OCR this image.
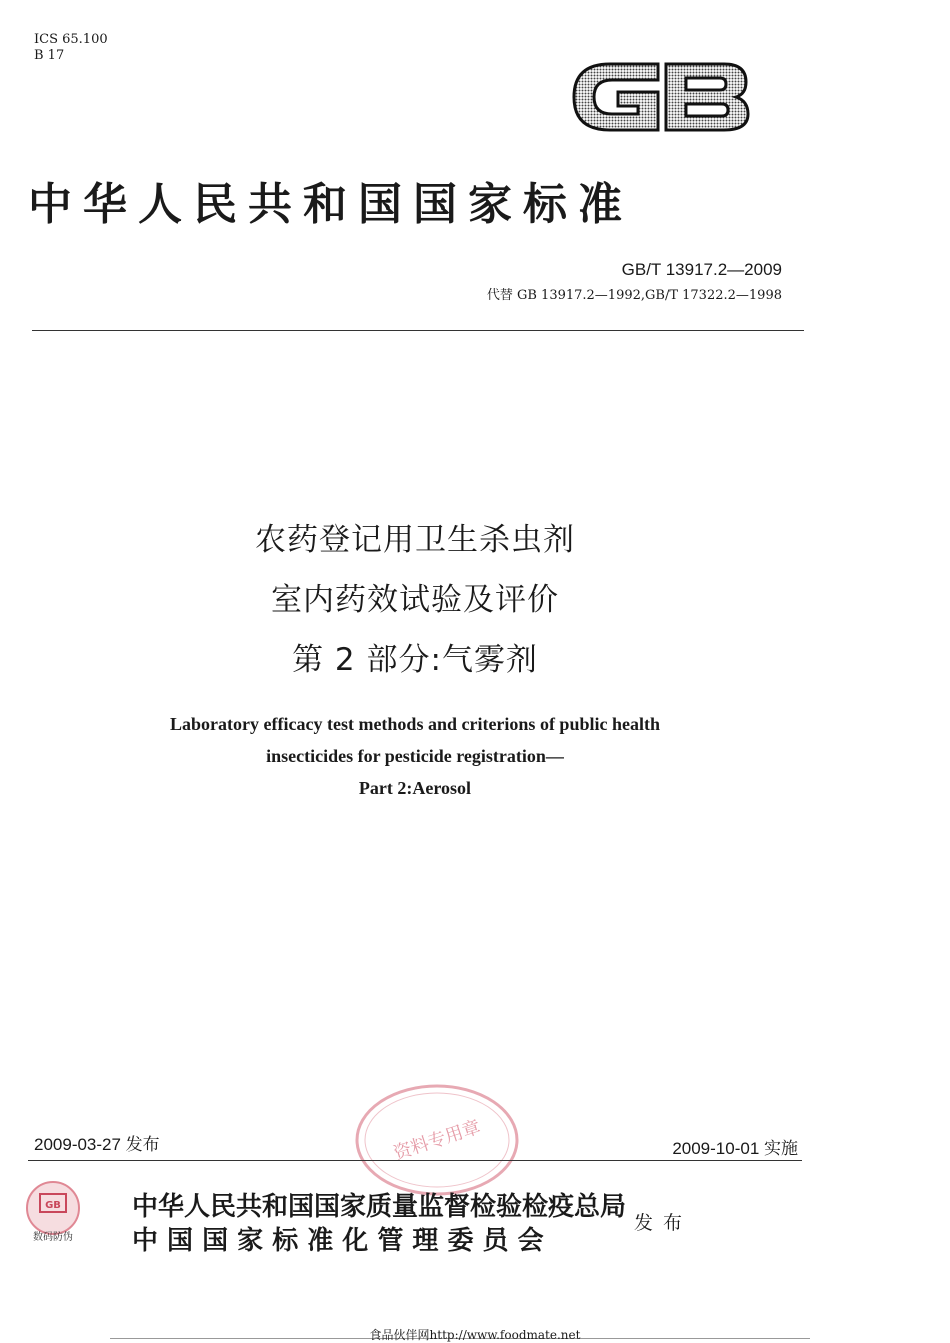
ICS 65.100
B 17
中华人民共和国国家标准
GB/T 13917.2—2009
代替 GB 13917.2—1992,GB/T 17322.2—1998
农药登记用卫生杀虫剂
室内药效试验及评价
第 2 部分:气雾剂
Laboratory efficacy test methods and criterions of public health
insecticides for pesticide registration—
Part 2:Aerosol
资料专用章
2009-03-27 发布	2009-10-01 实施
GB
数码防伪
中华人民共和国国家质量监督检验检疫总局
中 国 国 家 标 准 化 管 理 委 员 会
发布
食品伙伴网http://www.foodmate.net
